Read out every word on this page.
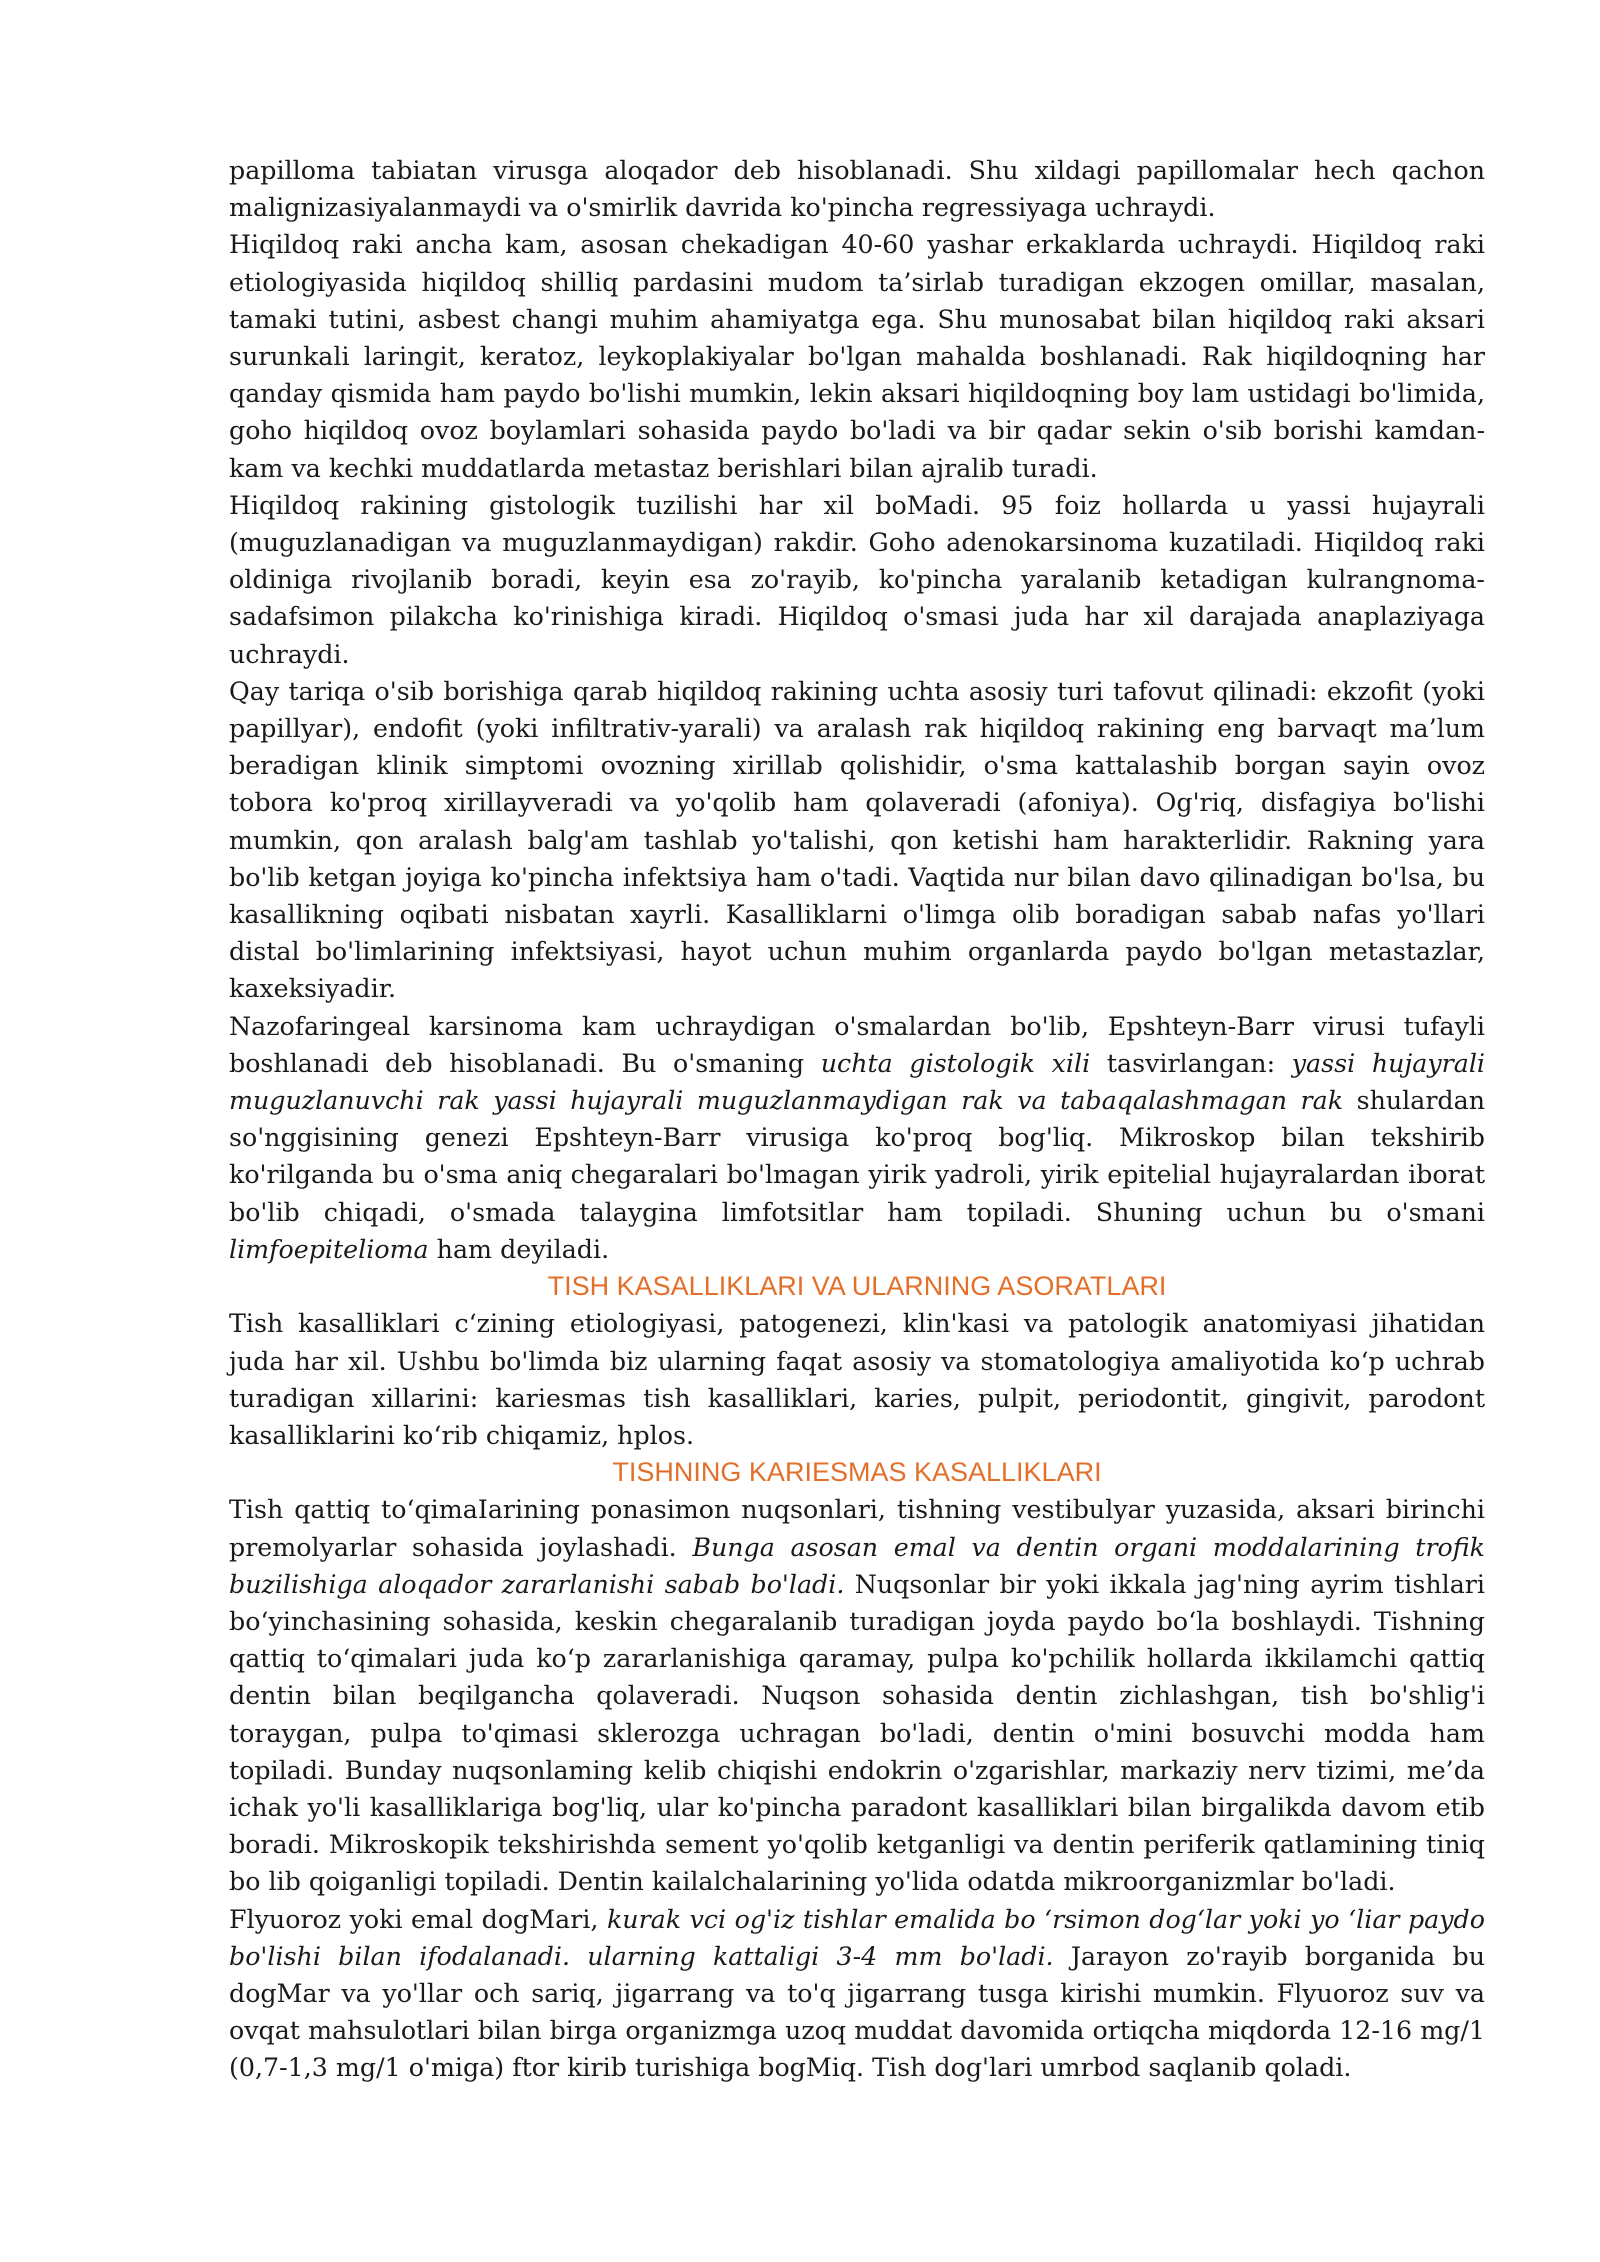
papilloma tabiatan virusga aloqador deb hisoblanadi. Shu xildagi papillomalar hech qachon malignizasiyalanmaydi va o'smirlik davrida ko'pincha regressiyaga uchraydi.

Hiqildoq raki ancha kam, asosan chekadigan 40-60 yashar erkaklarda uchraydi. Hiqildoq raki etiologiyasida hiqildoq shilliq pardasini mudom ta’sirlab turadigan ekzogen omillar, masalan, tamaki tutini, asbest changi muhim ahamiyatga ega. Shu munosabat bilan hiqildoq raki aksari surunkali laringit, keratoz, leykoplakiyalar bo'lgan mahalda boshlanadi. Rak hiqildoqning har qanday qismida ham paydo bo'lishi mumkin, lekin aksari hiqildoqning boy lam ustidagi bo'limida, goho hiqildoq ovoz boylamlari sohasida paydo bo'ladi va bir qadar sekin o'sib borishi kamdan-kam va kechki muddatlarda metastaz berishlari bilan ajralib turadi.

Hiqildoq rakining gistologik tuzilishi har xil boMadi. 95 foiz hollarda u yassi hujayrali (muguzlanadigan va muguzlanmaydigan) rakdir. Goho adenokarsinoma kuzatiladi. Hiqildoq raki oldiniga rivojlanib boradi, keyin esa zo'rayib, ko'pincha yaralanib ketadigan kulrangnoma-sadafsimon pilakcha ko'rinishiga kiradi. Hiqildoq o'smasi juda har xil darajada anaplaziyaga uchraydi.

Qay tariqa o'sib borishiga qarab hiqildoq rakining uchta asosiy turi tafovut qilinadi: ekzofit (yoki papillyar), endofit (yoki infiltrativ-yarali) va aralash rak hiqildoq rakining eng barvaqt ma’lum beradigan klinik simptomi ovozning xirillab qolishidir, o'sma kattalashib borgan sayin ovoz tobora ko'proq xirillayveradi va yo'qolib ham qolaveradi (afoniya). Og'riq, disfagiya bo'lishi mumkin, qon aralash balg'am tashlab yo'talishi, qon ketishi ham harakterlidir. Rakning yara bo'lib ketgan joyiga ko'pincha infektsiya ham o'tadi. Vaqtida nur bilan davo qilinadigan bo'lsa, bu kasallikning oqibati nisbatan xayrli. Kasalliklarni o'limga olib boradigan sabab nafas yo'llari distal bo'limlarining infektsiyasi, hayot uchun muhim organlarda paydo bo'lgan metastazlar, kaxeksiyadir.

Nazofaringeal karsinoma kam uchraydigan o'smalardan bo'lib, Epshteyn-Barr virusi tufayli boshlanadi deb hisoblanadi. Bu o'smaning uchta gistologik xili tasvirlangan: yassi hujayrali muguzlanuvchi rak yassi hujayrali muguzlanmaydigan rak va tabaqalashmagan rak shulardan so'nggisining genezi Epshteyn-Barr virusiga ko'proq bog'liq. Mikroskop bilan tekshirib ko'rilganda bu o'sma aniq chegaralari bo'lmagan yirik yadroli, yirik epitelial hujayralardan iborat bo'lib chiqadi, o'smada talaygina limfotsitlar ham topiladi. Shuning uchun bu o'smani limfoepitelioma ham deyiladi.

TISH KASALLIKLARI VA ULARNING ASORATLARI

Tish kasalliklari c‘zining etiologiyasi, patogenezi, klin'kasi va patologik anatomiyasi jihatidan juda har xil. Ushbu bo'limda biz ularning faqat asosiy va stomatologiya amaliyotida ko‘p uchrab turadigan xillarini: kariesmas tish kasalliklari, karies, pulpit, periodontit, gingivit, parodont kasalliklarini ko‘rib chiqamiz, hplos.

TISHNING KARIESMAS KASALLIKLARI

Tish qattiq to‘qimaIarining ponasimon nuqsonlari, tishning vestibulyar yuzasida, aksari birinchi premolyarlar sohasida joylashadi. Bunga asosan emal va dentin organi moddalarining trofik buzilishiga aloqador zararlanishi sabab bo'ladi. Nuqsonlar bir yoki ikkala jag'ning ayrim tishlari bo‘yinchasining sohasida, keskin chegaralanib turadigan joyda paydo bo‘la boshlaydi. Tishning qattiq to‘qimalari juda ko‘p zararlanishiga qaramay, pulpa ko'pchilik hollarda ikkilamchi qattiq dentin bilan beqilgancha qolaveradi. Nuqson sohasida dentin zichlashgan, tish bo'shlig'i toraygan, pulpa to'qimasi sklerozga uchragan bo'ladi, dentin o'mini bosuvchi modda ham topiladi. Bunday nuqsonlaming kelib chiqishi endokrin o'zgarishlar, markaziy nerv tizimi, me’da ichak yo'li kasalliklariga bog'liq, ular ko'pincha paradont kasalliklari bilan birgalikda davom etib boradi. Mikroskopik tekshirishda sement yo'qolib ketganligi va dentin periferik qatlamining tiniq bo lib qoiganligi topiladi. Dentin kailalchalarining yo'lida odatda mikroorganizmlar bo'ladi.

Flyuoroz yoki emal dogMari, kurak vci og'iz tishlar emalida bo ‘rsimon dog‘lar yoki yo ‘liar paydo bo'lishi bilan ifodalanadi. ularning kattaligi 3-4 mm bo'ladi. Jarayon zo'rayib borganida bu dogMar va yo'llar och sariq, jigarrang va to'q jigarrang tusga kirishi mumkin. Flyuoroz suv va ovqat mahsulotlari bilan birga organizmga uzoq muddat davomida ortiqcha miqdorda 12-16 mg/1 (0,7-1,3 mg/1 o'miga) ftor kirib turishiga bogMiq. Tish dog'lari umrbod saqlanib qoladi.
